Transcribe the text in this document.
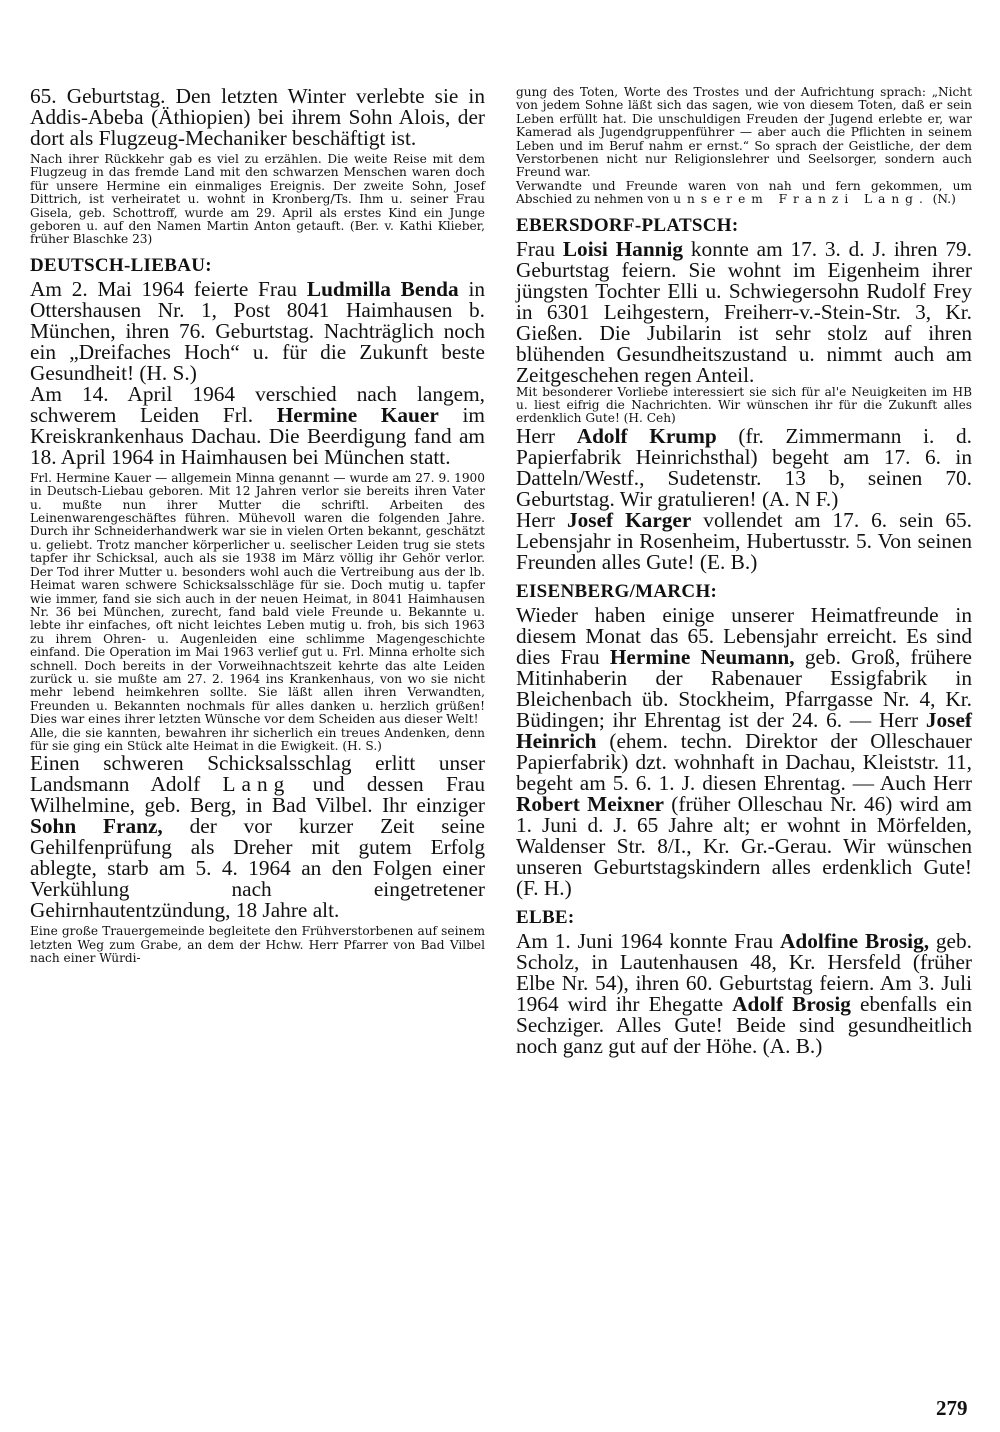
65. Geburtstag. Den letzten Winter verlebte sie in Addis-Abeba (Äthiopien) bei ihrem Sohn Alois, der dort als Flugzeug-Mechaniker beschäftigt ist.

Nach ihrer Rückkehr gab es viel zu erzählen. Die weite Reise mit dem Flugzeug in das fremde Land mit den schwarzen Menschen waren doch für unsere Hermine ein einmaliges Ereignis. Der zweite Sohn, Josef Dittrich, ist verheiratet u. wohnt in Kronberg/Ts. Ihm u. seiner Frau Gisela, geb. Schottroff, wurde am 29. April als erstes Kind ein Junge geboren u. auf den Namen Martin Anton getauft. (Ber. v. Kathi Klieber, früher Blaschke 23)

DEUTSCH-LIEBAU:

Am 2. Mai 1964 feierte Frau Ludmilla Benda in Ottershausen Nr. 1, Post 8041 Haimhausen b. München, ihren 76. Geburtstag. Nachträglich noch ein „Dreifaches Hoch“ u. für die Zukunft beste Gesundheit! (H. S.)

Am 14. April 1964 verschied nach langem, schwerem Leiden Frl. Hermine Kauer im Kreiskrankenhaus Dachau. Die Beerdigung fand am 18. April 1964 in Haimhausen bei München statt.

Frl. Hermine Kauer — allgemein Minna genannt — wurde am 27. 9. 1900 in Deutsch-Liebau geboren. Mit 12 Jahren verlor sie bereits ihren Vater u. mußte nun ihrer Mutter die schriftl. Arbeiten des Leinenwarengeschäftes führen. Mühevoll waren die folgenden Jahre. Durch ihr Schneiderhandwerk war sie in vielen Orten bekannt, geschätzt u. geliebt. Trotz mancher körperlicher u. seelischer Leiden trug sie stets tapfer ihr Schicksal, auch als sie 1938 im März völlig ihr Gehör verlor. Der Tod ihrer Mutter u. besonders wohl auch die Vertreibung aus der lb. Heimat waren schwere Schicksalsschläge für sie. Doch mutig u. tapfer wie immer, fand sie sich auch in der neuen Heimat, in 8041 Haimhausen Nr. 36 bei München, zurecht, fand bald viele Freunde u. Bekannte u. lebte ihr einfaches, oft nicht leichtes Leben mutig u. froh, bis sich 1963 zu ihrem Ohren- u. Augenleiden eine schlimme Magengeschichte einfand. Die Operation im Mai 1963 verlief gut u. Frl. Minna erholte sich schnell. Doch bereits in der Vorweihnachtszeit kehrte das alte Leiden zurück u. sie mußte am 27. 2. 1964 ins Krankenhaus, von wo sie nicht mehr lebend heimkehren sollte. Sie läßt allen ihren Verwandten, Freunden u. Bekannten nochmals für alles danken u. herzlich grüßen! Dies war eines ihrer letzten Wünsche vor dem Scheiden aus dieser Welt!

Alle, die sie kannten, bewahren ihr sicherlich ein treues Andenken, denn für sie ging ein Stück alte Heimat in die Ewigkeit. (H. S.)

Einen schweren Schicksalsschlag erlitt unser Landsmann Adolf Lang und dessen Frau Wilhelmine, geb. Berg, in Bad Vilbel. Ihr einziger Sohn Franz, der vor kurzer Zeit seine Gehilfenprüfung als Dreher mit gutem Erfolg ablegte, starb am 5. 4. 1964 an den Folgen einer Verkühlung nach eingetretener Gehirnhautentzündung, 18 Jahre alt.

Eine große Trauergemeinde begleitete den Frühverstorbenen auf seinem letzten Weg zum Grabe, an dem der Hchw. Herr Pfarrer von Bad Vilbel nach einer Würdi-

gung des Toten, Worte des Trostes und der Aufrichtung sprach: „Nicht von jedem Sohne läßt sich das sagen, wie von diesem Toten, daß er sein Leben erfüllt hat. Die unschuldigen Freuden der Jugend erlebte er, war Kamerad als Jugendgruppenführer — aber auch die Pflichten in seinem Leben und im Beruf nahm er ernst.“ So sprach der Geistliche, der dem Verstorbenen nicht nur Religionslehrer und Seelsorger, sondern auch Freund war.

Verwandte und Freunde waren von nah und fern gekommen, um Abschied zu nehmen von unserem Franzi Lang. (N.)

EBERSDORF-PLATSCH:

Frau Loisi Hannig konnte am 17. 3. d. J. ihren 79. Geburtstag feiern. Sie wohnt im Eigenheim ihrer jüngsten Tochter Elli u. Schwiegersohn Rudolf Frey in 6301 Leihgestern, Freiherr-v.-Stein-Str. 3, Kr. Gießen. Die Jubilarin ist sehr stolz auf ihren blühenden Gesundheitszustand u. nimmt auch am Zeitgeschehen regen Anteil.

Mit besonderer Vorliebe interessiert sie sich für al'e Neuigkeiten im HB u. liest eifrig die Nachrichten. Wir wünschen ihr für die Zukunft alles erdenklich Gute! (H. Ceh)

Herr Adolf Krump (fr. Zimmermann i. d. Papierfabrik Heinrichsthal) begeht am 17. 6. in Datteln/Westf., Sudetenstr. 13 b, seinen 70. Geburtstag. Wir gratulieren! (A. N F.)

Herr Josef Karger vollendet am 17. 6. sein 65. Lebensjahr in Rosenheim, Hubertusstr. 5. Von seinen Freunden alles Gute! (E. B.)

EISENBERG/MARCH:

Wieder haben einige unserer Heimatfreunde in diesem Monat das 65. Lebensjahr erreicht. Es sind dies Frau Hermine Neumann, geb. Groß, frühere Mitinhaberin der Rabenauer Essigfabrik in Bleichenbach üb. Stockheim, Pfarrgasse Nr. 4, Kr. Büdingen; ihr Ehrentag ist der 24. 6. — Herr Josef Heinrich (ehem. techn. Direktor der Olleschauer Papierfabrik) dzt. wohnhaft in Dachau, Kleiststr. 11, begeht am 5. 6. 1. J. diesen Ehrentag. — Auch Herr Robert Meixner (früher Olleschau Nr. 46) wird am 1. Juni d. J. 65 Jahre alt; er wohnt in Mörfelden, Waldenser Str. 8/I., Kr. Gr.-Gerau. Wir wünschen unseren Geburtstagskindern alles erdenklich Gute! (F. H.)

ELBE:

Am 1. Juni 1964 konnte Frau Adolfine Brosig, geb. Scholz, in Lautenhausen 48, Kr. Hersfeld (früher Elbe Nr. 54), ihren 60. Geburtstag feiern. Am 3. Juli 1964 wird ihr Ehegatte Adolf Brosig ebenfalls ein Sechziger. Alles Gute! Beide sind gesundheitlich noch ganz gut auf der Höhe. (A. B.)

279
